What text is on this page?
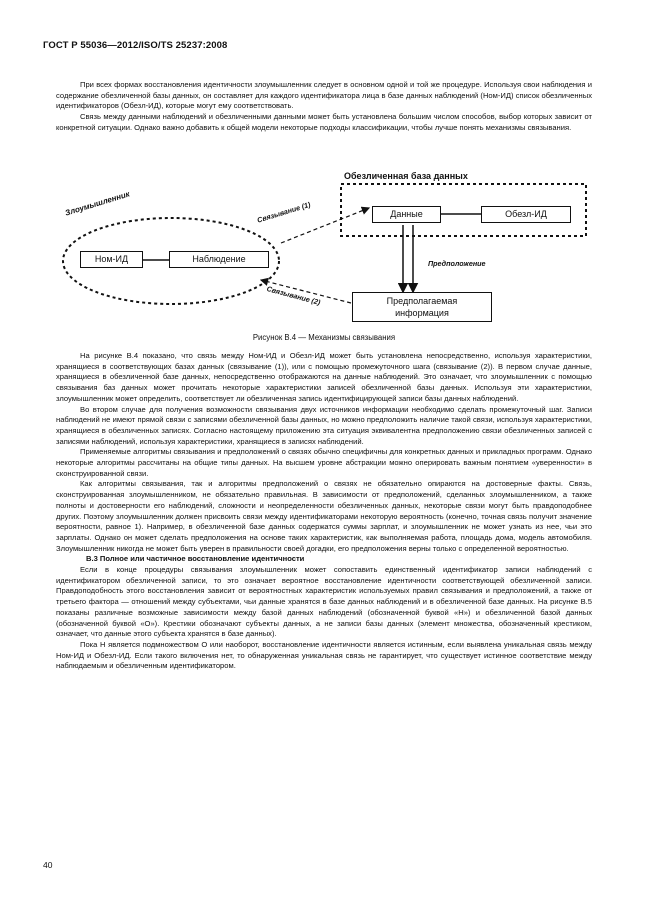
ГОСТ Р 55036—2012/ISO/TS 25237:2008

При всех формах восстановления идентичности злоумышленник следует в основном одной и той же процедуре. Используя свои наблюдения и содержание обезличенной базы данных, он составляет для каждого идентификатора лица в базе данных наблюдений (Ном-ИД) список обезличенных идентификаторов (Обезл-ИД), которые могут ему соответствовать.

Связь между данными наблюдений и обезличенными данными может быть установлена большим числом способов, выбор которых зависит от конкретной ситуации. Однако важно добавить к общей модели некоторые подходы классификации, чтобы лучше понять механизмы связывания.

Обезличенная база данных
Злоумышленник	Данные	Обезл-ИД
Ном-ИД	Наблюдение
Предполагаемая
информация
Связывание (1)
Связывание (2)
Предположение
Рисунок В.4 — Механизмы связывания

На рисунке В.4 показано, что связь между Ном-ИД и Обезл-ИД может быть установлена непосредственно, используя характеристики, хранящиеся в соответствующих базах данных (связывание (1)), или с помощью промежуточного шага (связывание (2)). В первом случае данные, хранящиеся в обезличенной базе данных, непосредственно отображаются на данные наблюдений. Это означает, что злоумышленник с помощью связывания баз данных может прочитать некоторые характеристики записей обезличенной базы данных. Используя эти характеристики, злоумышленник может определить, соответствует ли обезличенная запись идентифицирующей записи базы данных наблюдений.

Во втором случае для получения возможности связывания двух источников информации необходимо сделать промежуточный шаг. Записи наблюдений не имеют прямой связи с записями обезличенной базы данных, но можно предположить наличие такой связи, используя характеристики, хранящиеся в обезличенных записях. Согласно настоящему приложению эта ситуация эквивалентна предположению связи обезличенных записей с записями наблюдений, используя характеристики, хранящиеся в записях наблюдений.

Применяемые алгоритмы связывания и предположений о связях обычно специфичны для конкретных данных и прикладных программ. Однако некоторые алгоритмы рассчитаны на общие типы данных. На высшем уровне абстракции можно оперировать важным понятием «уверенности» в сконструированной связи.

Как алгоритмы связывания, так и алгоритмы предположений о связях не обязательно опираются на достоверные факты. Связь, сконструированная злоумышленником, не обязательно правильная. В зависимости от предположений, сделанных злоумышленником, а также полноты и достоверности его наблюдений, сложности и неопределенности обезличенных данных, некоторые связи могут быть правдоподобнее других. Поэтому злоумышленник должен присвоить связи между идентификаторами некоторую вероятность (конечно, точная связь получит значение вероятности, равное 1). Например, в обезличенной базе данных содержатся суммы зарплат, и злоумышленник не может узнать из нее, чьи это зарплаты. Однако он может сделать предположения на основе таких характеристик, как выполняемая работа, площадь дома, модель автомобиля. Злоумышленник никогда не может быть уверен в правильности своей догадки, его предположения верны только с определенной вероятностью.

В.3 Полное или частичное восстановление идентичности

Если в конце процедуры связывания злоумышленник может сопоставить единственный идентификатор записи наблюдений с идентификатором обезличенной записи, то это означает вероятное восстановление идентичности соответствующей обезличенной записи. Правдоподобность этого восстановления зависит от вероятностных характеристик используемых правил связывания и предположений, а также от третьего фактора — отношений между субъектами, чьи данные хранятся в базе данных наблюдений и в обезличенной базе данных. На рисунке В.5 показаны различные возможные зависимости между базой данных наблюдений (обозначенной буквой «Н») и обезличенной базой данных (обозначенной буквой «О»). Крестики обозначают субъекты данных, а не записи базы данных (элемент множества, обозначенный крестиком, означает, что данные этого субъекта хранятся в базе данных).

Пока Н является подмножеством О или наоборот, восстановление идентичности является истинным, если выявлена уникальная связь между Ном-ИД и Обезл-ИД. Если такого включения нет, то обнаруженная уникальная связь не гарантирует, что существует истинное соответствие между наблюдаемым и обезличенным идентификатором.

40
